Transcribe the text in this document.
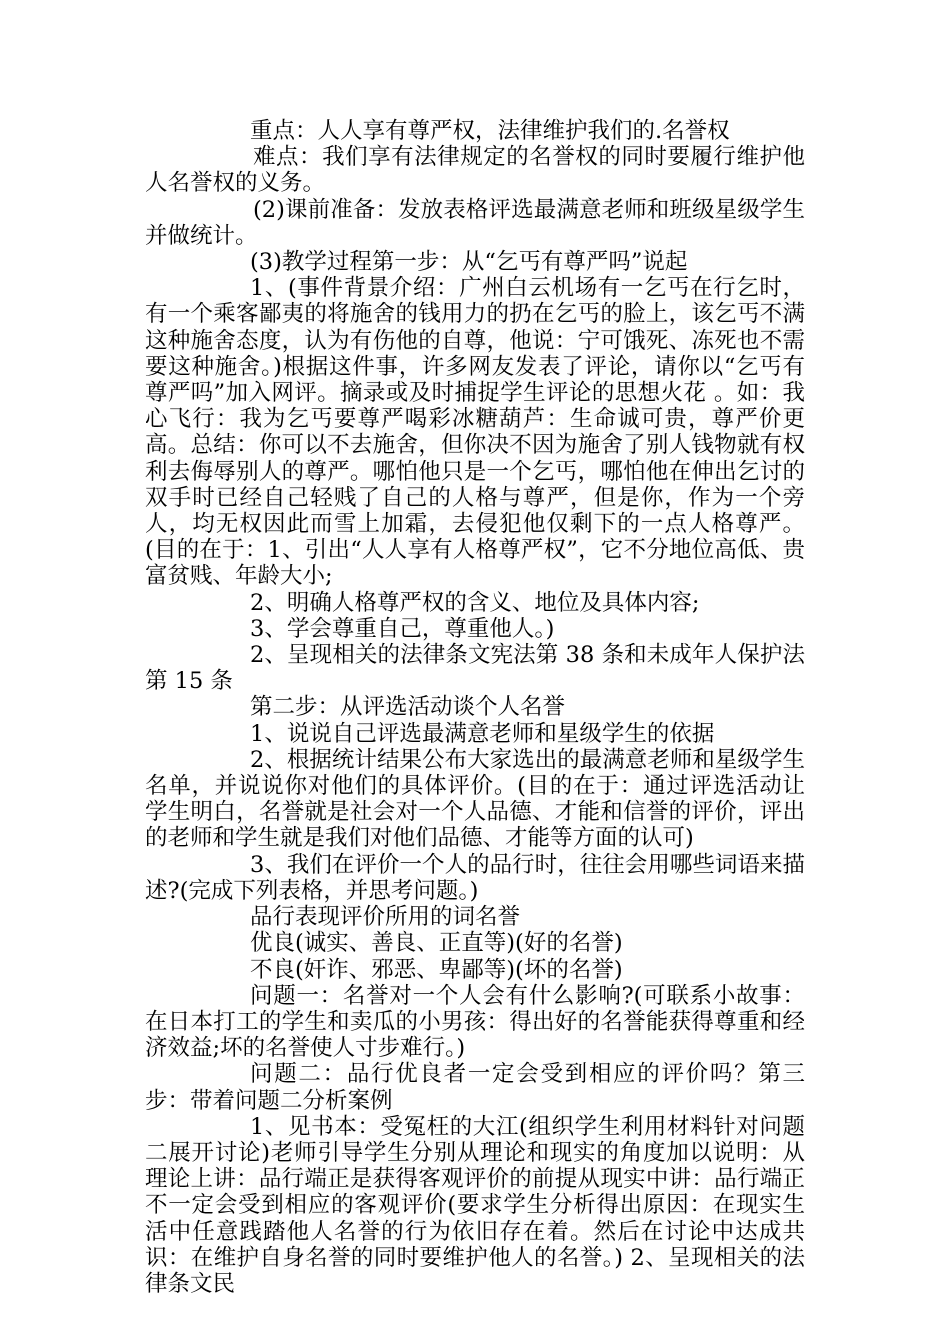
重点：人人享有尊严权，法律维护我们的.名誉权

难点：我们享有法律规定的名誉权的同时要履行维护他人名誉权的义务。

(2)课前准备：发放表格评选最满意老师和班级星级学生并做统计。

(3)教学过程第一步：从“乞丐有尊严吗”说起

1、(事件背景介绍：广州白云机场有一乞丐在行乞时，有一个乘客鄙夷的将施舍的钱用力的扔在乞丐的脸上，该乞丐不满这种施舍态度，认为有伤他的自尊，他说：宁可饿死、冻死也不需要这种施舍。)根据这件事，许多网友发表了评论，请你以“乞丐有尊严吗”加入网评。摘录或及时捕捉学生评论的思想火花 。如：我心飞行：我为乞丐要尊严喝彩冰糖葫芦：生命诚可贵，尊严价更高。总结：你可以不去施舍，但你决不因为施舍了别人钱物就有权利去侮辱别人的尊严。哪怕他只是一个乞丐，哪怕他在伸出乞讨的双手时已经自己轻贱了自己的人格与尊严，但是你，作为一个旁人，均无权因此而雪上加霜，去侵犯他仅剩下的一点人格尊严。 (目的在于：1、引出“人人享有人格尊严权”，它不分地位高低、贵富贫贱、年龄大小;

2、明确人格尊严权的含义、地位及具体内容;

3、学会尊重自己，尊重他人。)

2、呈现相关的法律条文宪法第 38 条和未成年人保护法第 15 条

第二步：从评选活动谈个人名誉

1、说说自己评选最满意老师和星级学生的依据

2、根据统计结果公布大家选出的最满意老师和星级学生名单，并说说你对他们的具体评价。(目的在于：通过评选活动让学生明白，名誉就是社会对一个人品德、才能和信誉的评价，评出的老师和学生就是我们对他们品德、才能等方面的认可)

3、我们在评价一个人的品行时，往往会用哪些词语来描述?(完成下列表格，并思考问题。)

品行表现评价所用的词名誉

优良(诚实、善良、正直等)(好的名誉)

不良(奸诈、邪恶、卑鄙等)(坏的名誉)

问题一：名誉对一个人会有什么影响?(可联系小故事：在日本打工的学生和卖瓜的小男孩：得出好的名誉能获得尊重和经济效益;坏的名誉使人寸步难行。)

问题二：品行优良者一定会受到相应的评价吗？第三步：带着问题二分析案例

1、见书本：受冤枉的大江(组织学生利用材料针对问题二展开讨论)老师引导学生分别从理论和现实的角度加以说明：从理论上讲：品行端正是获得客观评价的前提从现实中讲：品行端正不一定会受到相应的客观评价(要求学生分析得出原因：在现实生活中任意践踏他人名誉的行为依旧存在着。然后在讨论中达成共识：在维护自身名誉的同时要维护他人的名誉。) 2、呈现相关的法律条文民
